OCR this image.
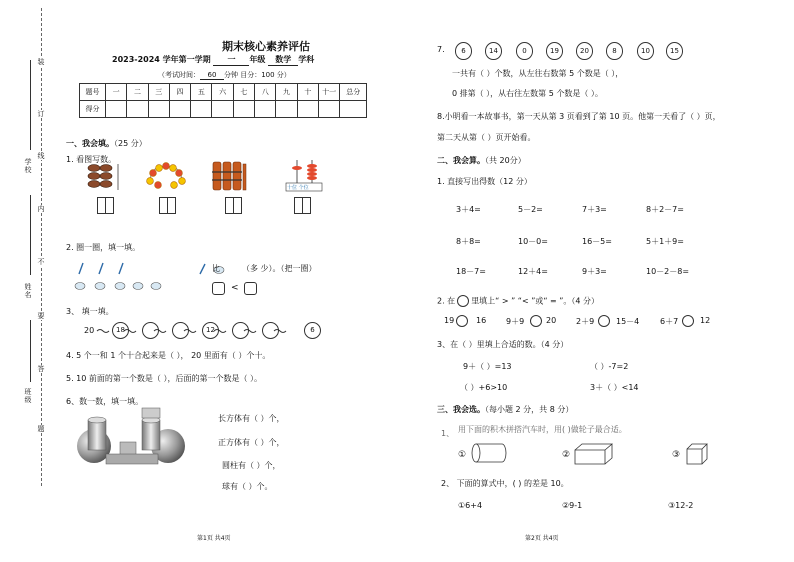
装
订
线
内
不
要
答
题
学校
姓名
班级
期末核心素养评估
2023-2024 学年第一学期 一 年级 数学 学科
（考试时间： 60 分钟 目分：100 分）
题号	一	二	三	四	五	六	七	八	九	十	十一	总分
得分												
一、我会填。（25 分）
1. 看图写数。
十位 个位
2. 圈一圈，填一填。
比	（多 少）。（把一圈）
<
3、 填一填。
20	18	12	6
4. 5 个一和 1 个十合起来是（ ）， 20 里面有（ ）个十。
5. 10 前面的第一个数是（ ），后面的第一个数是（ ）。
6、数一数，填一填。
长方体有（ ）个，
正方体有（ ）个，
圆柱有（ ）个，
球有（ ）个。
7.	6	14	0	19	20	8	10	15
一共有（ ）个数，从左往右数第 5 个数是（ ），
0 排第（ ），从右往左数第 5 个数是（ ）。
8.小明看一本故事书，第一天从第 3 页看到了第 10 页。他第一天看了（ ）页，
第二天从第（ ）页开始看。
二、我会算。（共 20分）
1. 直接写出得数（12 分）
3＋4=	5－2=	7＋3=	8＋2－7=
8＋8=	10－0=	16－5=	5＋1＋9=
18－7=	12＋4=	9＋3=	10－2－8=
2. 在 里填上“ > ” “< ”或“ = ”。（4 分）
19	16 9＋9	20 2＋9	15－4	6＋7	12
3、在（ ）里填上合适的数。（4 分）
9＋（ ）=13	（ ）-7=2
（ ）+6>10	3＋（ ）<14
三、我会选。（每小题 2 分，共 8 分）
1、 用下面的积木拼搭汽车时，用( )做轮子最合适。
①	②	③
2、 下面的算式中，( ) 的差是 10。
①6+4	②9-1	③12-2
第1页 共4页	第2页 共4页
